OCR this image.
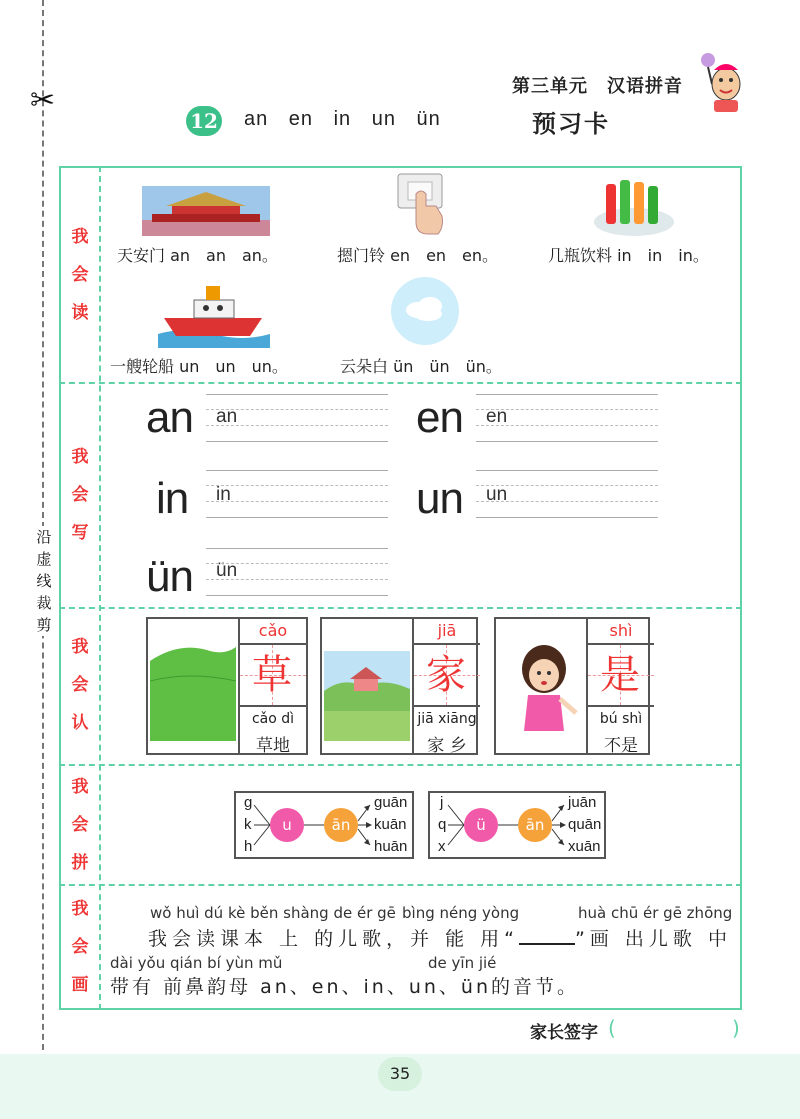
✂
沿虚线裁剪
第三单元　汉语拼音
12 an en in un ün	预习卡
我
会
读
我
会
写
我
会
认
我
会
拼
我
会
画
天安门 an　an　an。	摁门铃 en　en　en。	几瓶饮料 in　in　in。
一艘轮船 un　un　un。	云朵白 ün　ün　ün。
an an	en en
in in	un un
ün ün
cǎo
草
cǎo dì
草地
jiā
家
jiā xiāng
家 乡
shì
是
bú shì
不是
g
k
h
u	ān
guān
kuān
huān
j
q
x
ü	ān
juān
quān
xuān
wǒ huì dú kè běn shàng de ér gē bìng néng yòng	huà chū ér gē zhōng
我会读课本 上 的儿歌，并 能 用“	”画 出儿歌 中
dài yǒu qián bí yùn mǔ	de yīn jié
带有 前鼻韵母 an、en、in、un、ün的音节。
家长签字 (	)
35
